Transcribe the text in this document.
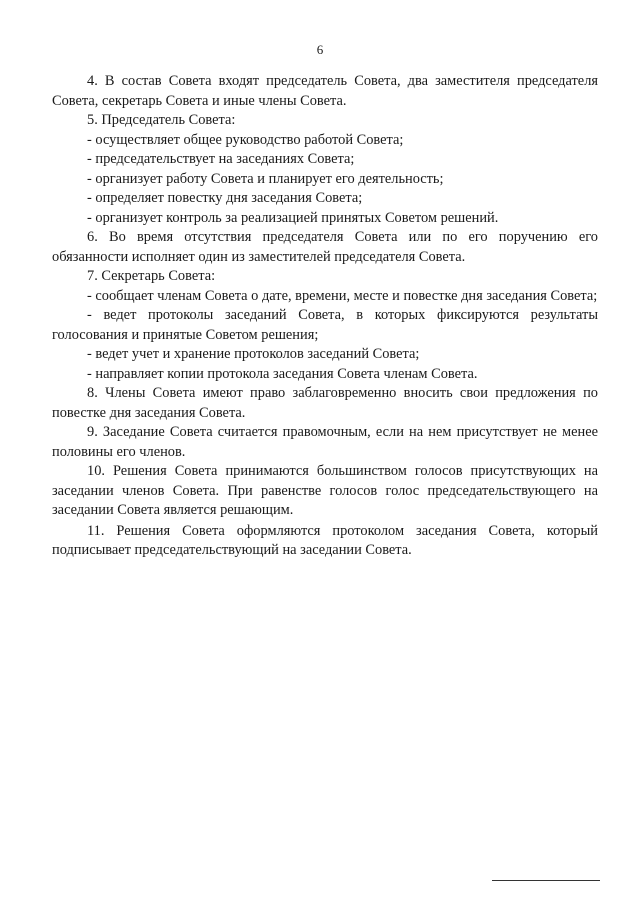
6

4. В состав Совета входят председатель Совета, два заместителя председателя Совета, секретарь Совета и иные члены Совета.

5. Председатель Совета:

- осуществляет общее руководство работой Совета;

- председательствует на заседаниях Совета;

- организует работу Совета и планирует его деятельность;

- определяет повестку дня заседания Совета;

- организует контроль за реализацией принятых Советом решений.

6. Во время отсутствия председателя Совета или по его поручению его обязанности исполняет один из заместителей председателя Совета.

7. Секретарь Совета:

- сообщает членам Совета о дате, времени, месте и повестке дня заседания Совета;

- ведет протоколы заседаний Совета, в которых фиксируются результаты голосования и принятые Советом решения;

- ведет учет и хранение протоколов заседаний Совета;

- направляет копии протокола заседания Совета членам Совета.

8. Члены Совета имеют право заблаговременно вносить свои предложения по повестке дня заседания Совета.

9. Заседание Совета считается правомочным, если на нем присутствует не менее половины его членов.

10. Решения Совета принимаются большинством голосов присутствующих на заседании членов Совета. При равенстве голосов голос председательствующего на заседании Совета является решающим.

11. Решения Совета оформляются протоколом заседания Совета, который подписывает председательствующий на заседании Совета.
